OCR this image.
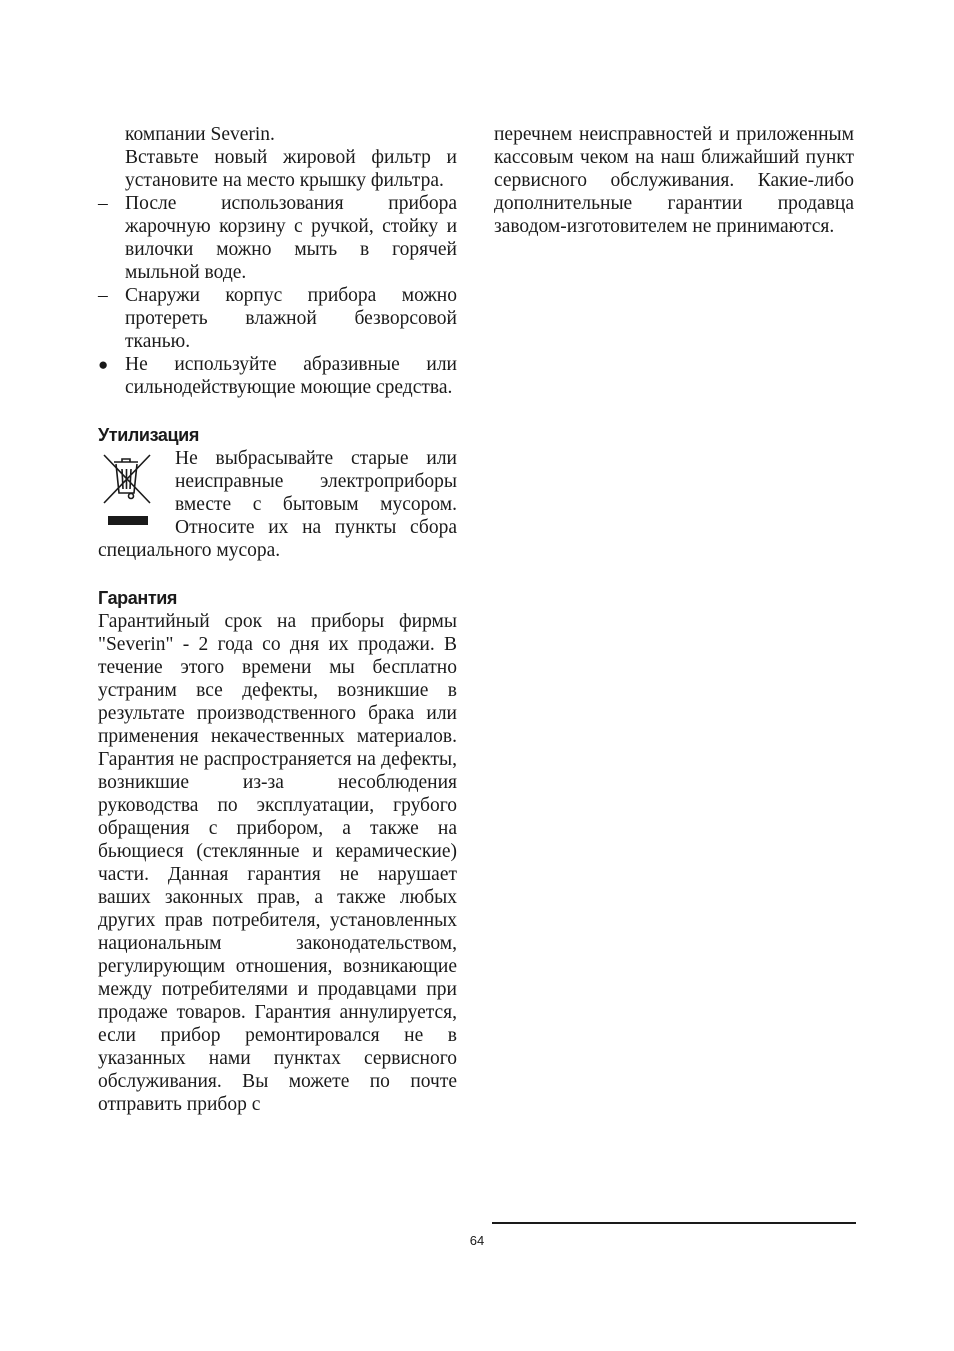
компании Severin.

Вставьте новый жировой фильтр и установите на место крышку фильтра.

– После использования прибора жарочную корзину с ручкой, стойку и вилочки можно мыть в горячей мыльной воде.
– Снаружи корпус прибора можно протереть влажной безворсовой тканью.
● Не используйте абразивные или сильнодействующие моющие средства.
Утилизация

Не выбрасывайте старые или неисправные электроприборы вместе с бытовым мусором. Относите их на пункты сбора специального мусора.

Гарантия

Гарантийный срок на приборы фирмы "Severin" - 2 года со дня их продажи. В течение этого времени мы бесплатно устраним все дефекты, возникшие в результате производственного брака или применения некачественных материалов. Гарантия не распространяется на дефекты, возникшие из-за несоблюдения руководства по эксплуатации, грубого обращения с прибором, а также на бьющиеся (стеклянные и керамические) части. Данная гарантия не нарушает ваших законных прав, а также любых других прав потребителя, установленных национальным законодательством, регулирующим отношения, возникающие между потребителями и продавцами при продаже товаров. Гарантия аннулируется, если прибор ремонтировался не в указанных нами пунктах сервисного обслуживания. Вы можете по почте отправить прибор с

перечнем неисправностей и приложенным кассовым чеком на наш ближайший пункт сервисного обслуживания. Какие-либо дополнительные гарантии продавца заводом-изготовителем не принимаются.

64
